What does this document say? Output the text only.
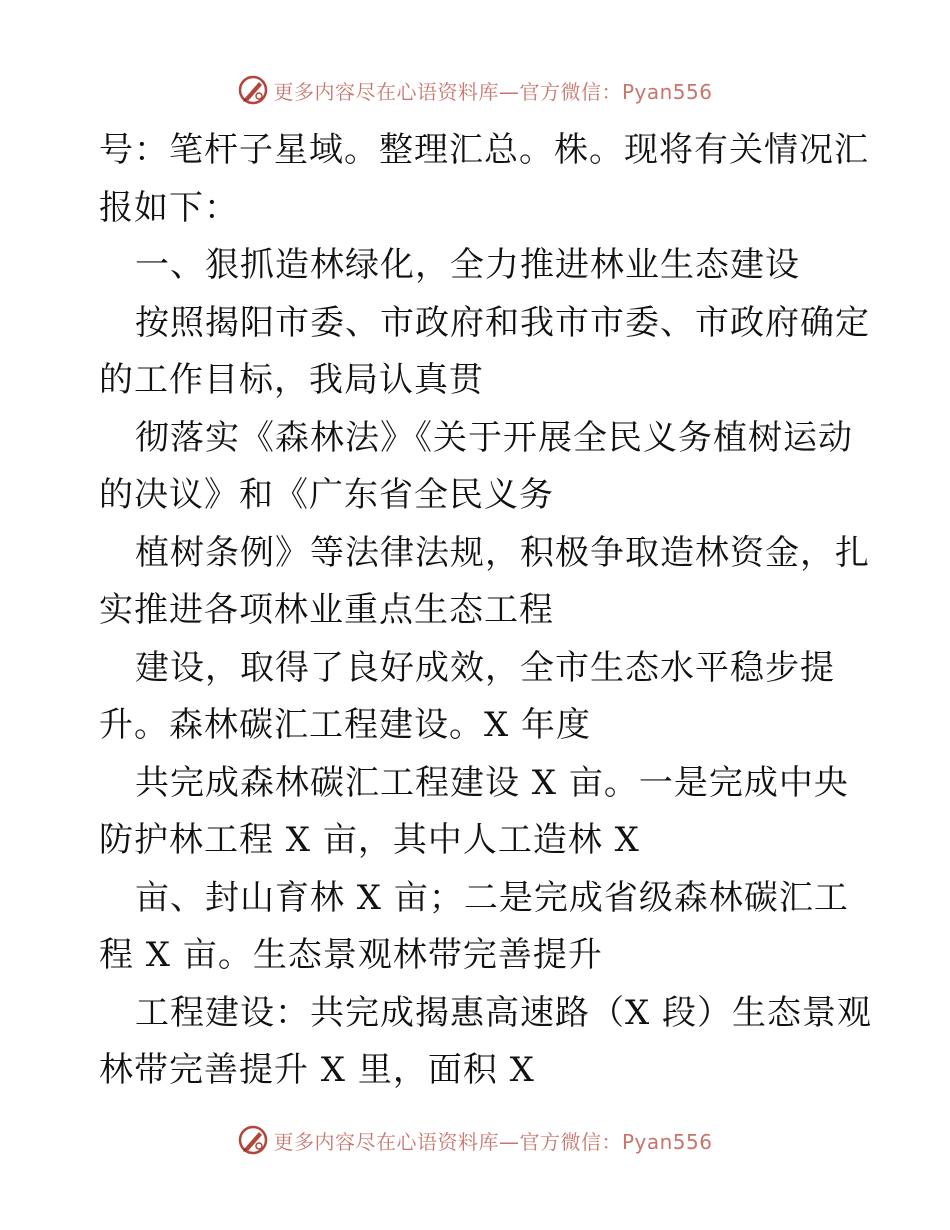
更多内容尽在心语资料库—官方微信：Pyan556
号：笔杆子星域。整理汇总。株。现将有关情况汇
报如下：
一、狠抓造林绿化，全力推进林业生态建设
按照揭阳市委、市政府和我市市委、市政府确定
的工作目标，我局认真贯
彻落实《森林法》《关于开展全民义务植树运动
的决议》和《广东省全民义务
植树条例》等法律法规，积极争取造林资金，扎
实推进各项林业重点生态工程
建设，取得了良好成效，全市生态水平稳步提
升。森林碳汇工程建设。X 年度
共完成森林碳汇工程建设 X 亩。一是完成中央
防护林工程 X 亩，其中人工造林 X
亩、封山育林 X 亩；二是完成省级森林碳汇工
程 X 亩。生态景观林带完善提升
工程建设：共完成揭惠高速路（X 段）生态景观
林带完善提升 X 里，面积 X
更多内容尽在心语资料库—官方微信：Pyan556
